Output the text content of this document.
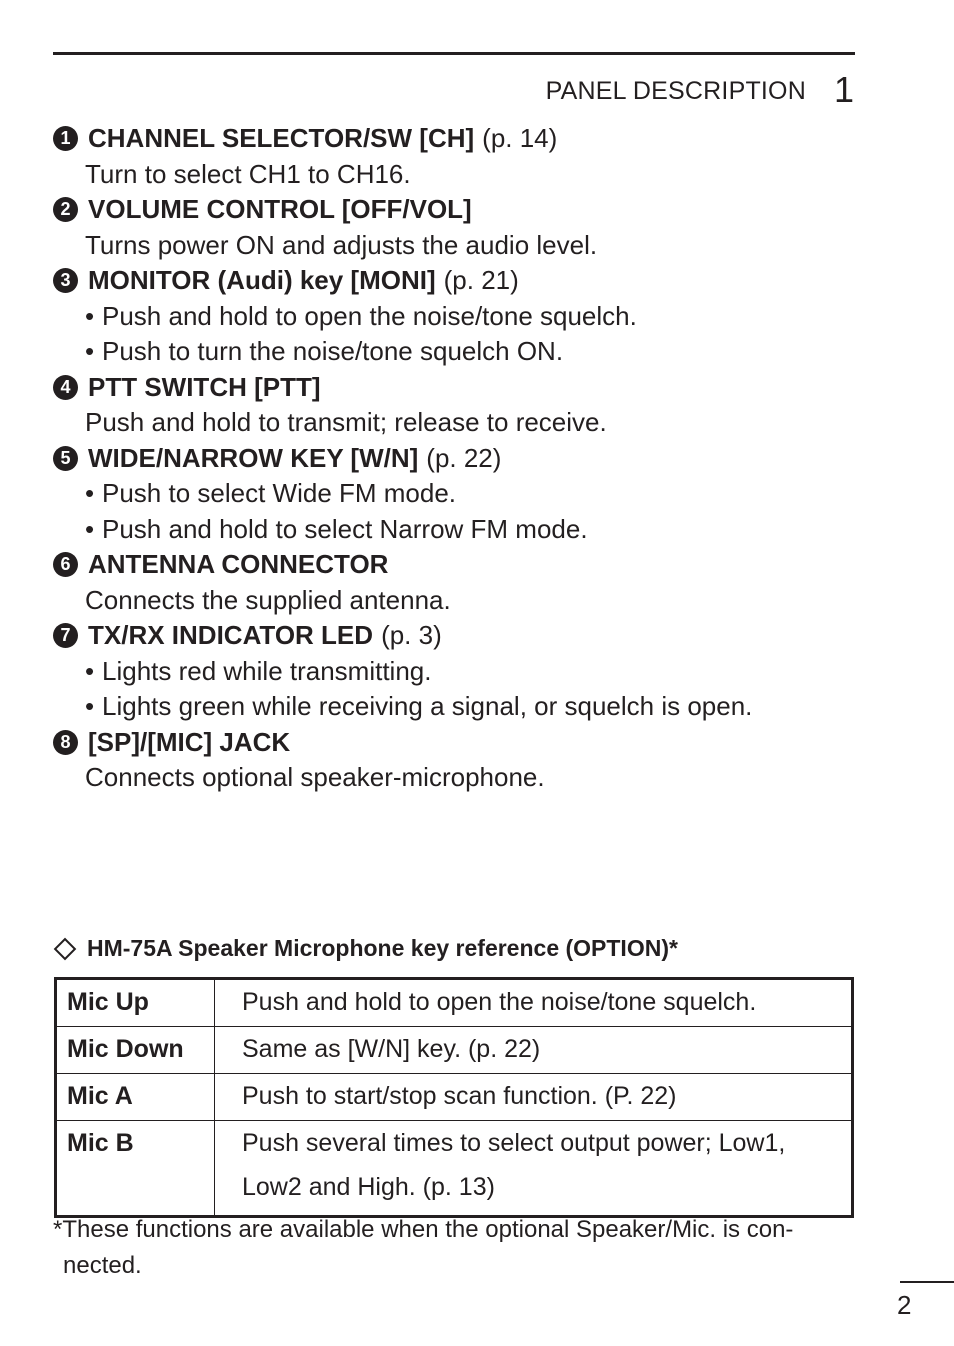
PANEL DESCRIPTION 1
1 CHANNEL SELECTOR/SW [CH] (p. 14)
Turn to select CH1 to CH16.
2 VOLUME CONTROL [OFF/VOL]
Turns power ON and adjusts the audio level.
3 MONITOR (Audi) key [MONI] (p. 21)
• Push and hold to open the noise/tone squelch.
• Push to turn the noise/tone squelch ON.
4 PTT SWITCH [PTT]
Push and hold to transmit; release to receive.
5 WIDE/NARROW KEY [W/N] (p. 22)
• Push to select Wide FM mode.
• Push and hold to select Narrow FM mode.
6 ANTENNA CONNECTOR
Connects the supplied antenna.
7 TX/RX INDICATOR LED (p. 3)
• Lights red while transmitting.
• Lights green while receiving a signal, or squelch is open.
8 [SP]/[MIC] JACK
Connects optional speaker-microphone.
HM-75A Speaker Microphone key reference (OPTION)*
Mic Up	Push and hold to open the noise/tone squelch.
Mic Down	Same as [W/N] key. (p. 22)
Mic A	Push to start/stop scan function. (P. 22)
Mic B	Push several times to select output power; Low1,
Low2 and High. (p. 13)
*These functions are available when the optional Speaker/Mic. is con-
nected.
2
